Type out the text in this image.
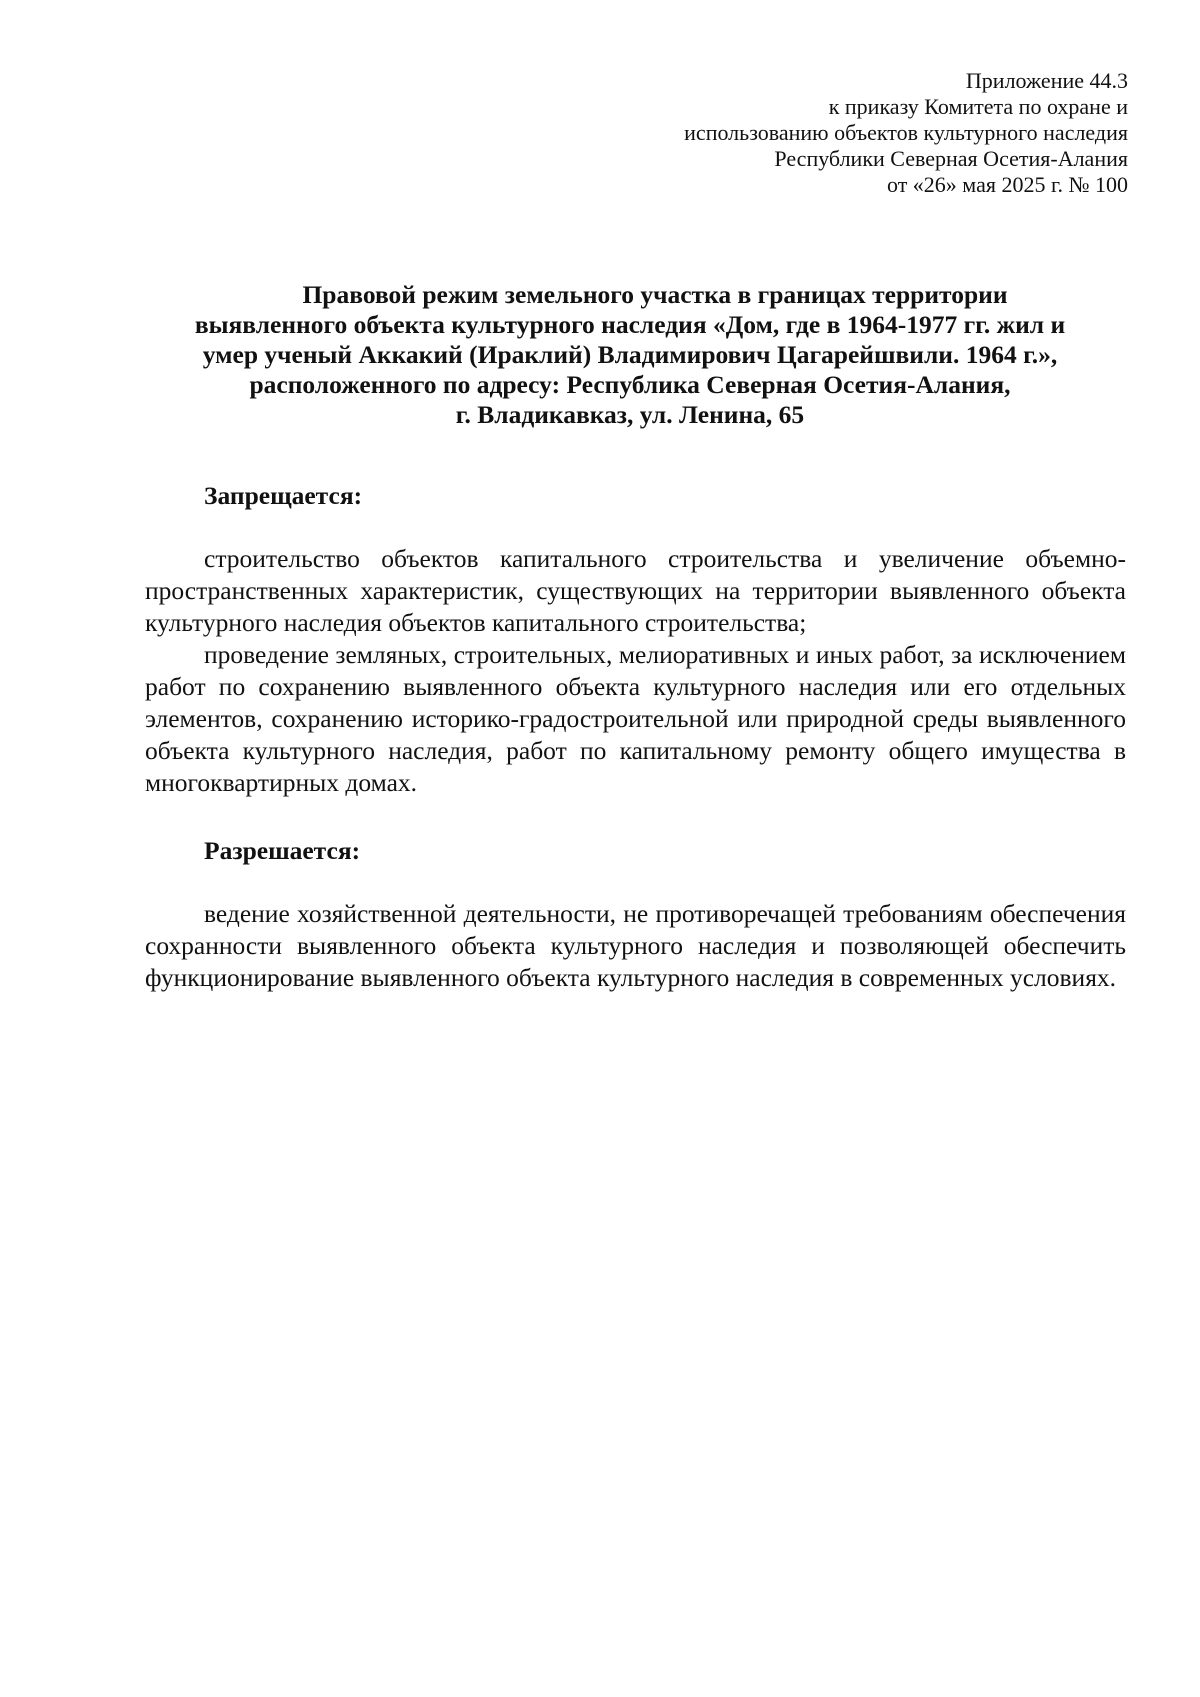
Приложение 44.3
к приказу Комитета по охране и
использованию объектов культурного наследия
Республики Северная Осетия-Алания
от «26» мая 2025 г. № 100
Правовой режим земельного участка в границах территории
выявленного объекта культурного наследия «Дом, где в 1964-1977 гг. жил и
умер ученый Аккакий (Ираклий) Владимирович Цагарейшвили. 1964 г.»,
расположенного по адресу: Республика Северная Осетия-Алания,
г. Владикавказ, ул. Ленина, 65
Запрещается:

строительство объектов капитального строительства и увеличение объемно-пространственных характеристик, существующих на территории выявленного объекта культурного наследия объектов капитального строительства;

проведение земляных, строительных, мелиоративных и иных работ, за исключением работ по сохранению выявленного объекта культурного наследия или его отдельных элементов, сохранению историко-градостроительной или природной среды выявленного объекта культурного наследия, работ по капитальному ремонту общего имущества в многоквартирных домах.

Разрешается:

ведение хозяйственной деятельности, не противоречащей требованиям обеспечения сохранности выявленного объекта культурного наследия и позволяющей обеспечить функционирование выявленного объекта культурного наследия в современных условиях.
